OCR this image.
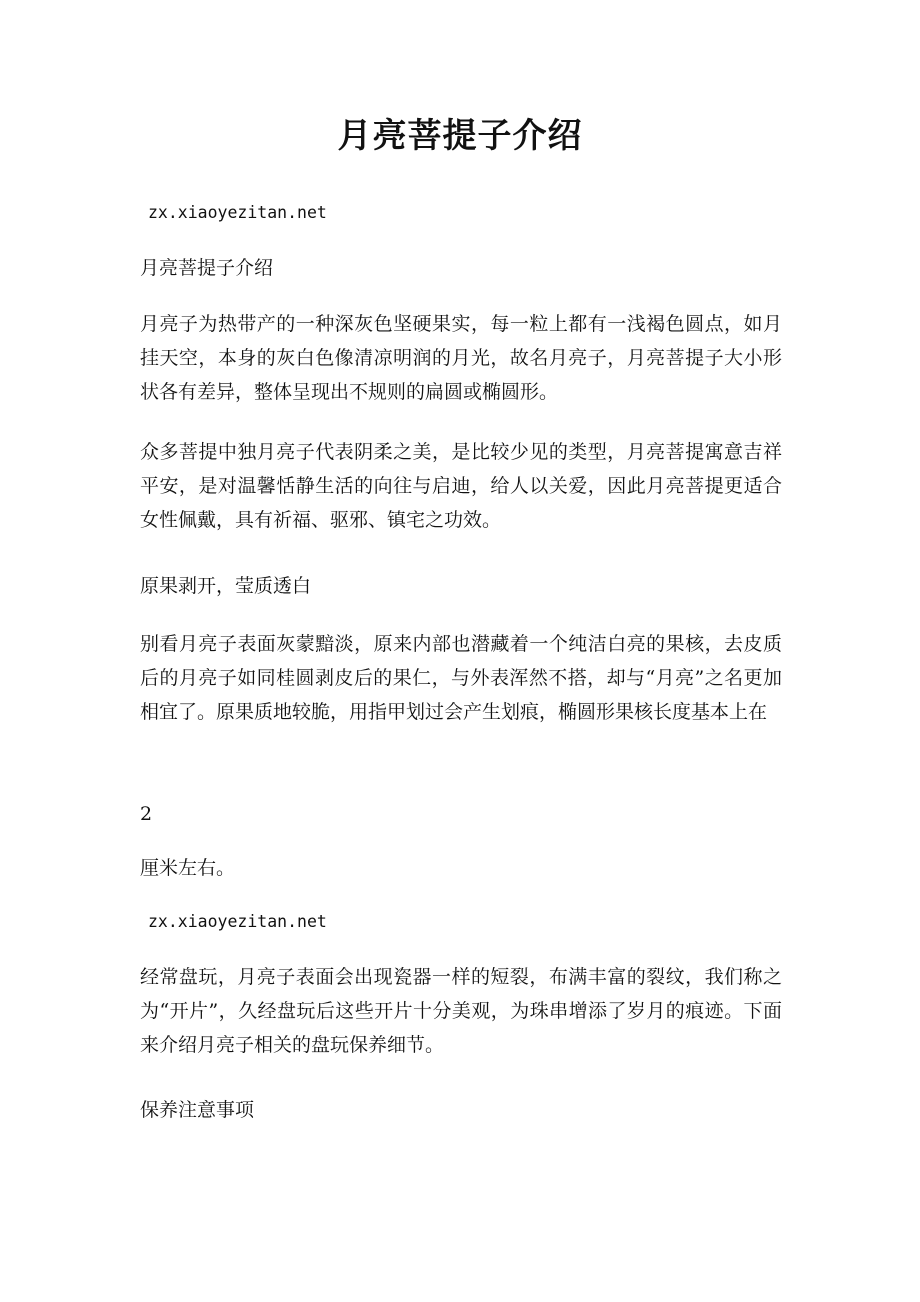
月亮菩提子介绍

zx.xiaoyezitan.net

月亮菩提子介绍

月亮子为热带产的一种深灰色坚硬果实，每一粒上都有一浅褐色圆点，如月挂天空，本身的灰白色像清凉明润的月光，故名月亮子，月亮菩提子大小形状各有差异，整体呈现出不规则的扁圆或椭圆形。

众多菩提中独月亮子代表阴柔之美，是比较少见的类型，月亮菩提寓意吉祥平安，是对温馨恬静生活的向往与启迪，给人以关爱，因此月亮菩提更适合女性佩戴，具有祈福、驱邪、镇宅之功效。

原果剥开，莹质透白

别看月亮子表面灰蒙黯淡，原来内部也潜藏着一个纯洁白亮的果核，去皮质后的月亮子如同桂圆剥皮后的果仁，与外表浑然不搭，却与“月亮”之名更加相宜了。原果质地较脆，用指甲划过会产生划痕，椭圆形果核长度基本上在

2

厘米左右。

zx.xiaoyezitan.net

经常盘玩，月亮子表面会出现瓷器一样的短裂，布满丰富的裂纹，我们称之为“开片”，久经盘玩后这些开片十分美观，为珠串增添了岁月的痕迹。下面来介绍月亮子相关的盘玩保养细节。

保养注意事项
